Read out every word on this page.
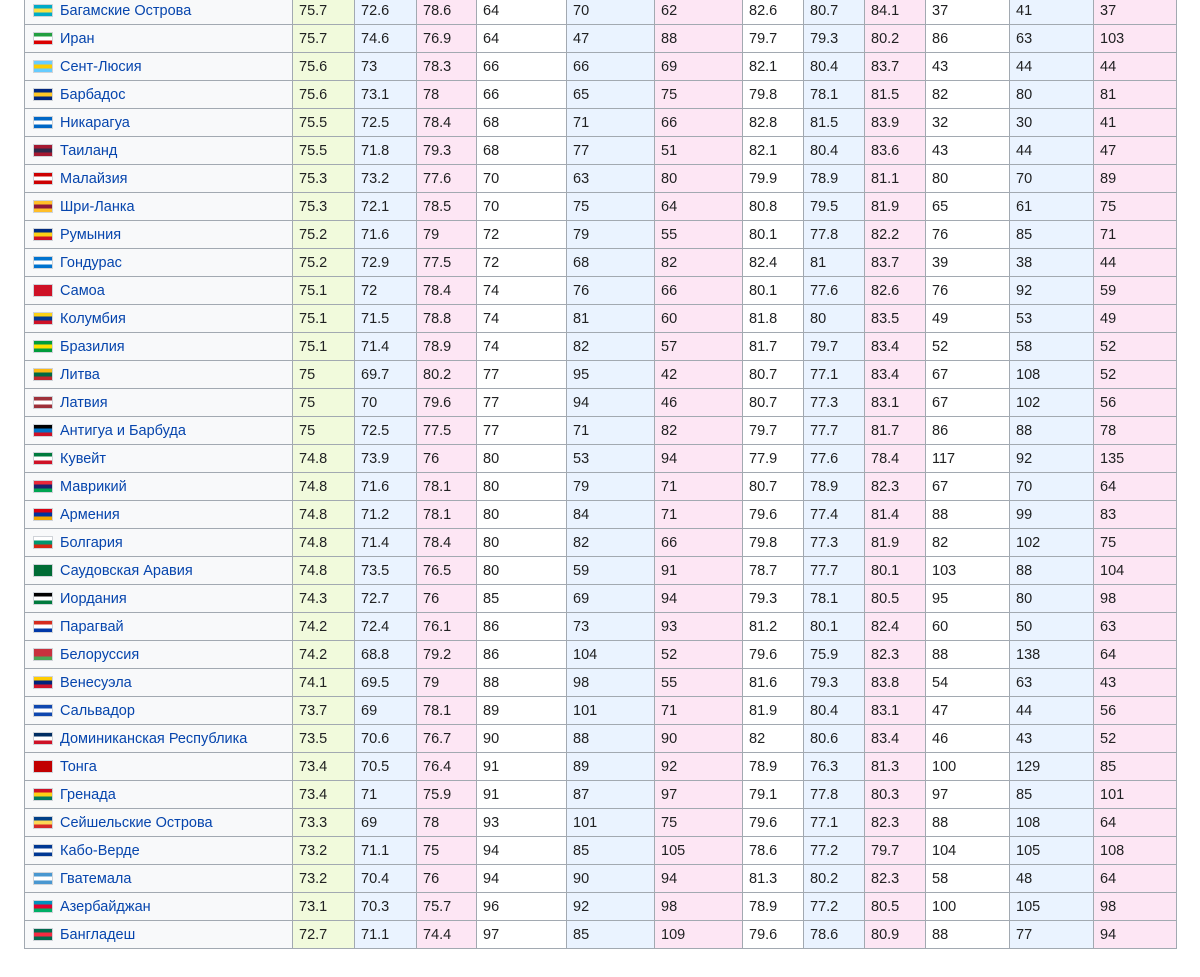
Багамские Острова	75.7	72.6	78.6	64	70	62	82.6	80.7	84.1	37	41	37
Иран	75.7	74.6	76.9	64	47	88	79.7	79.3	80.2	86	63	103
Сент-Люсия	75.6	73	78.3	66	66	69	82.1	80.4	83.7	43	44	44
Барбадос	75.6	73.1	78	66	65	75	79.8	78.1	81.5	82	80	81
Никарагуа	75.5	72.5	78.4	68	71	66	82.8	81.5	83.9	32	30	41
Таиланд	75.5	71.8	79.3	68	77	51	82.1	80.4	83.6	43	44	47
Малайзия	75.3	73.2	77.6	70	63	80	79.9	78.9	81.1	80	70	89
Шри-Ланка	75.3	72.1	78.5	70	75	64	80.8	79.5	81.9	65	61	75
Румыния	75.2	71.6	79	72	79	55	80.1	77.8	82.2	76	85	71
Гондурас	75.2	72.9	77.5	72	68	82	82.4	81	83.7	39	38	44
Самоа	75.1	72	78.4	74	76	66	80.1	77.6	82.6	76	92	59
Колумбия	75.1	71.5	78.8	74	81	60	81.8	80	83.5	49	53	49
Бразилия	75.1	71.4	78.9	74	82	57	81.7	79.7	83.4	52	58	52
Литва	75	69.7	80.2	77	95	42	80.7	77.1	83.4	67	108	52
Латвия	75	70	79.6	77	94	46	80.7	77.3	83.1	67	102	56
Антигуа и Барбуда	75	72.5	77.5	77	71	82	79.7	77.7	81.7	86	88	78
Кувейт	74.8	73.9	76	80	53	94	77.9	77.6	78.4	117	92	135
Маврикий	74.8	71.6	78.1	80	79	71	80.7	78.9	82.3	67	70	64
Армения	74.8	71.2	78.1	80	84	71	79.6	77.4	81.4	88	99	83
Болгария	74.8	71.4	78.4	80	82	66	79.8	77.3	81.9	82	102	75
Саудовская Аравия	74.8	73.5	76.5	80	59	91	78.7	77.7	80.1	103	88	104
Иордания	74.3	72.7	76	85	69	94	79.3	78.1	80.5	95	80	98
Парагвай	74.2	72.4	76.1	86	73	93	81.2	80.1	82.4	60	50	63
Белоруссия	74.2	68.8	79.2	86	104	52	79.6	75.9	82.3	88	138	64
Венесуэла	74.1	69.5	79	88	98	55	81.6	79.3	83.8	54	63	43
Сальвадор	73.7	69	78.1	89	101	71	81.9	80.4	83.1	47	44	56
Доминиканская Республика	73.5	70.6	76.7	90	88	90	82	80.6	83.4	46	43	52
Тонга	73.4	70.5	76.4	91	89	92	78.9	76.3	81.3	100	129	85
Гренада	73.4	71	75.9	91	87	97	79.1	77.8	80.3	97	85	101
Сейшельские Острова	73.3	69	78	93	101	75	79.6	77.1	82.3	88	108	64
Кабо-Верде	73.2	71.1	75	94	85	105	78.6	77.2	79.7	104	105	108
Гватемала	73.2	70.4	76	94	90	94	81.3	80.2	82.3	58	48	64
Азербайджан	73.1	70.3	75.7	96	92	98	78.9	77.2	80.5	100	105	98
Бангладеш	72.7	71.1	74.4	97	85	109	79.6	78.6	80.9	88	77	94
